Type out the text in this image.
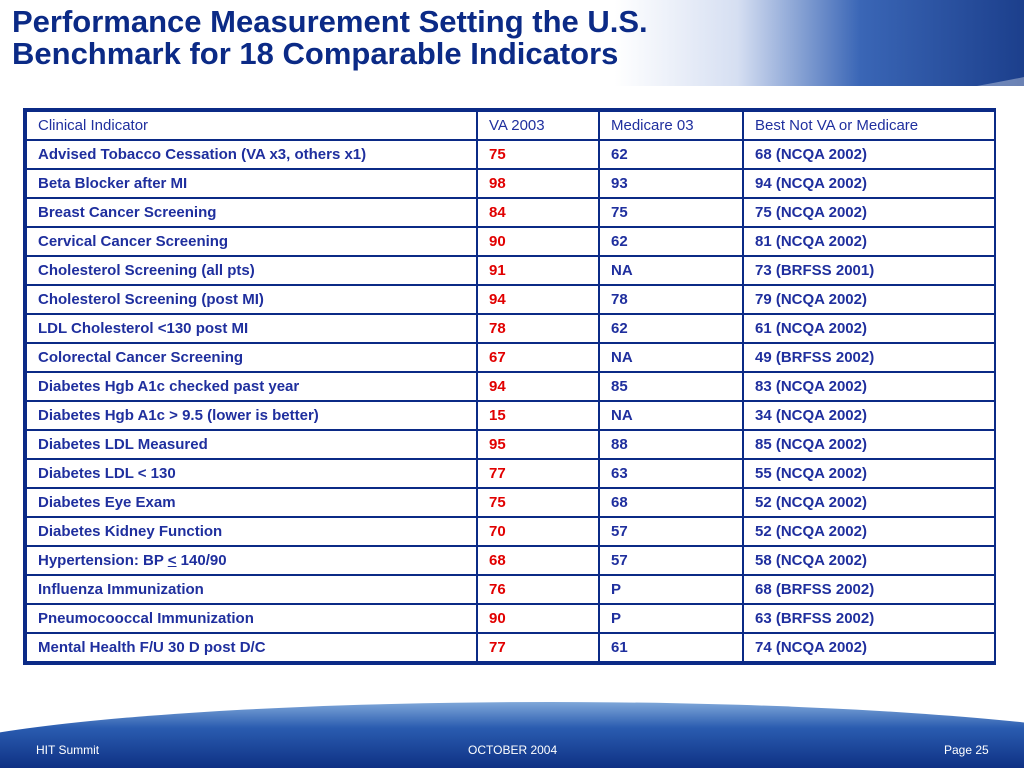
Performance Measurement Setting the U.S.
Benchmark for 18 Comparable Indicators
Clinical Indicator	VA 2003	Medicare 03	Best Not VA or Medicare
Advised Tobacco Cessation (VA x3, others x1)	75	62	68 (NCQA 2002)
Beta Blocker after MI	98	93	94 (NCQA 2002)
Breast Cancer Screening	84	75	75 (NCQA 2002)
Cervical Cancer Screening	90	62	81 (NCQA 2002)
Cholesterol Screening (all pts)	91	NA	73 (BRFSS 2001)
Cholesterol Screening (post MI)	94	78	79 (NCQA 2002)
LDL Cholesterol <130 post MI	78	62	61 (NCQA 2002)
Colorectal Cancer Screening	67	NA	49 (BRFSS 2002)
Diabetes Hgb A1c checked past year	94	85	83 (NCQA 2002)
Diabetes Hgb A1c > 9.5 (lower is better)	15	NA	34 (NCQA 2002)
Diabetes LDL Measured	95	88	85 (NCQA 2002)
Diabetes LDL < 130	77	63	55 (NCQA 2002)
Diabetes Eye Exam	75	68	52 (NCQA 2002)
Diabetes Kidney Function	70	57	52 (NCQA 2002)
Hypertension: BP < 140/90	68	57	58 (NCQA 2002)
Influenza Immunization	76	P	68 (BRFSS 2002)
Pneumocooccal Immunization	90	P	63 (BRFSS 2002)
Mental Health F/U 30 D post D/C	77	61	74 (NCQA 2002)
HIT Summit	OCTOBER 2004	Page 25
